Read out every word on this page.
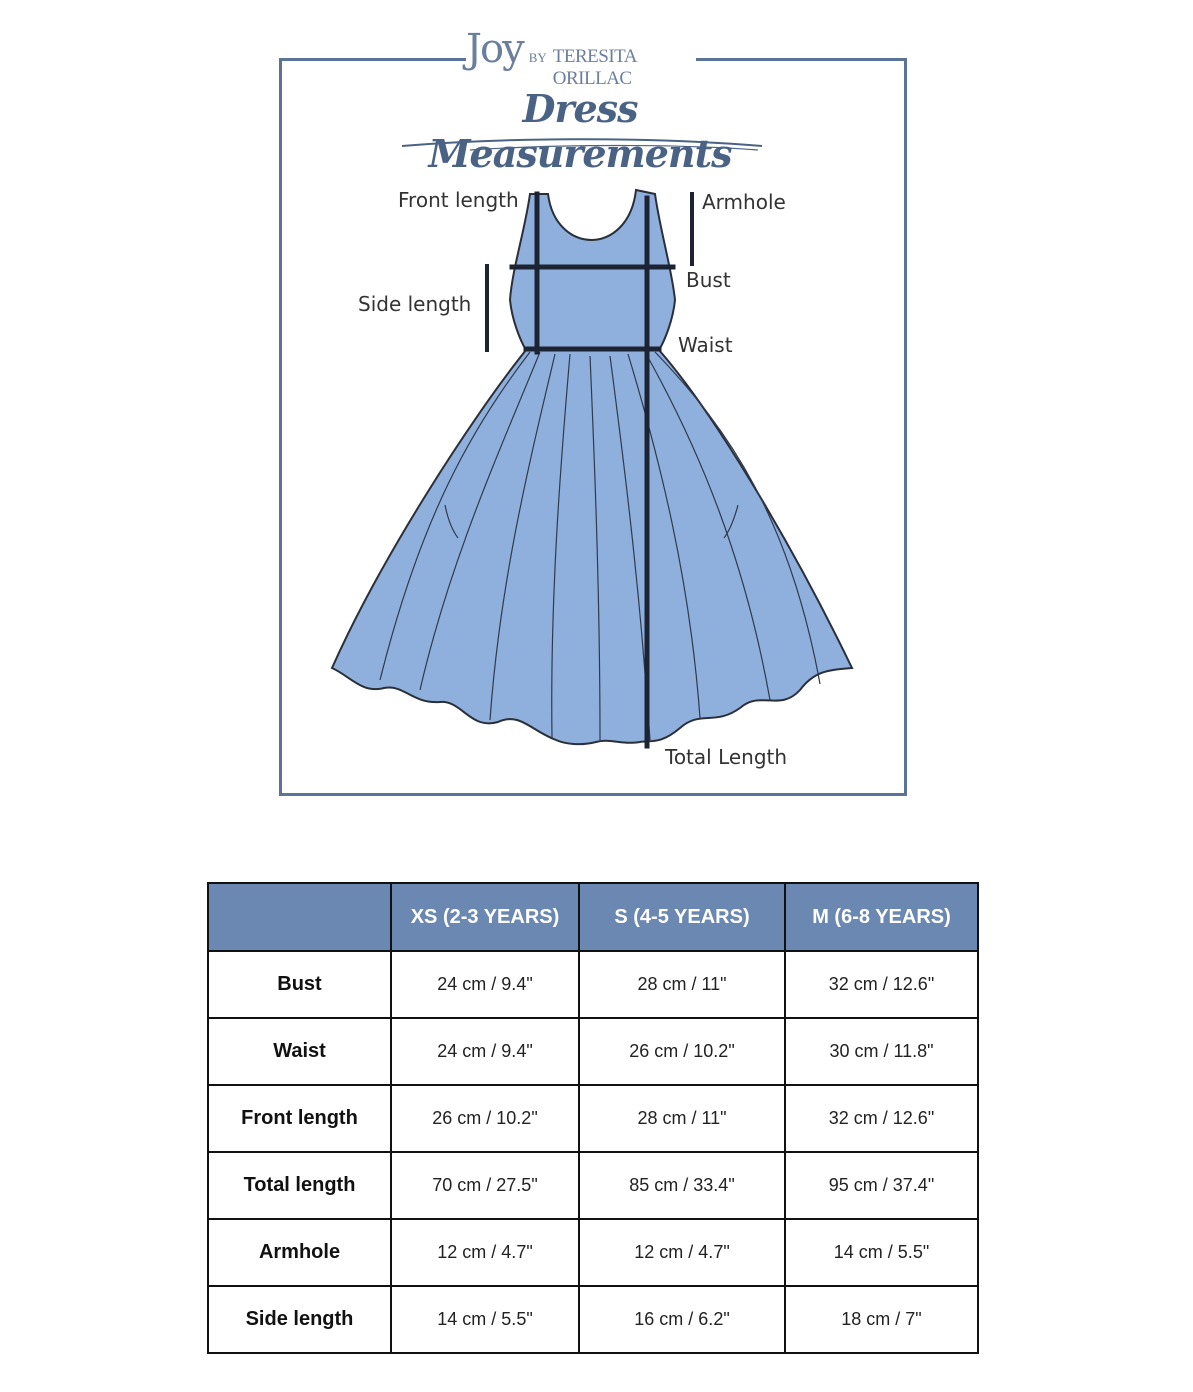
Joy BY TERESITA ORILLAC
Dress Measurements
Front length	Armhole
Bust
Side length
Waist
Total Length
	XS (2-3 YEARS)	S (4-5 YEARS)	M (6-8 YEARS)
Bust	24 cm / 9.4"	28 cm / 11"	32 cm / 12.6"
Waist	24 cm / 9.4"	26 cm / 10.2"	30 cm / 11.8"
Front length	26 cm / 10.2"	28 cm / 11"	32 cm / 12.6"
Total length	70 cm / 27.5"	85 cm / 33.4"	95 cm / 37.4"
Armhole	12 cm / 4.7"	12 cm / 4.7"	14 cm / 5.5"
Side length	14 cm / 5.5"	16 cm / 6.2"	18 cm / 7"
